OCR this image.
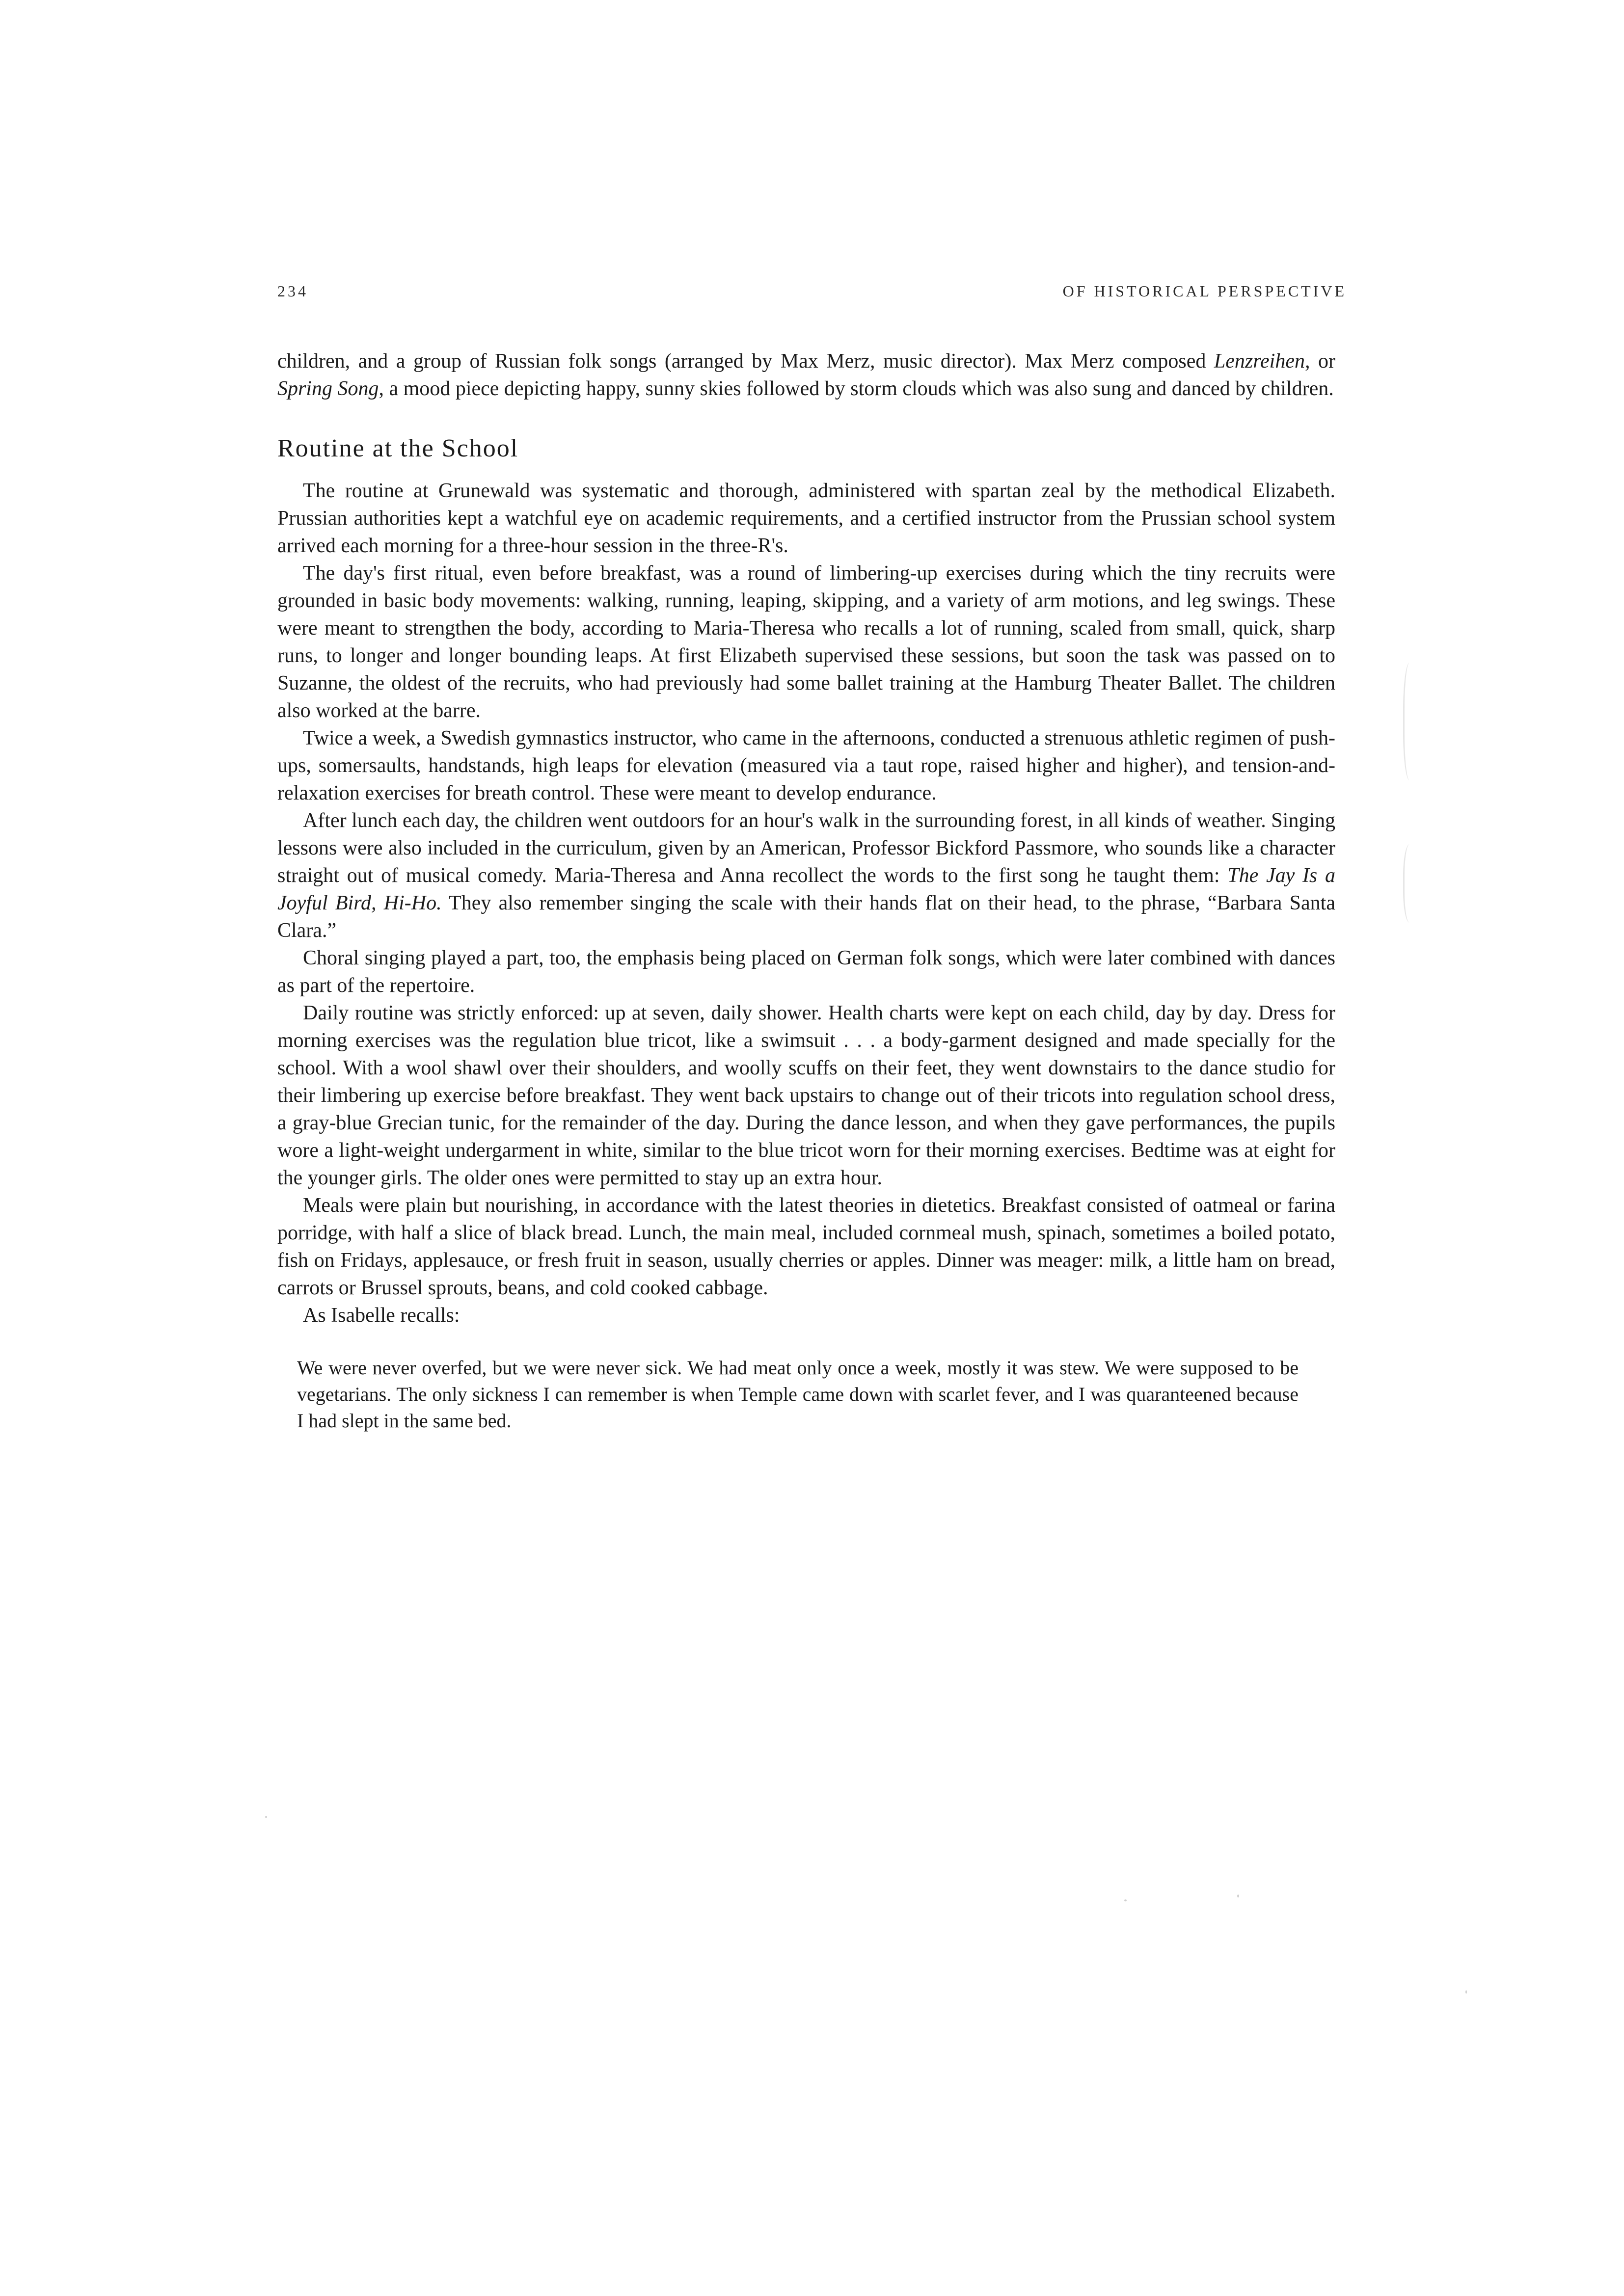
234	OF HISTORICAL PERSPECTIVE

children, and a group of Russian folk songs (arranged by Max Merz, music director). Max Merz composed Lenzreihen, or Spring Song, a mood piece depicting happy, sunny skies followed by storm clouds which was also sung and danced by children.

Routine at the School

The routine at Grunewald was systematic and thorough, administered with spartan zeal by the methodical Elizabeth. Prussian authorities kept a watchful eye on academic requirements, and a certified instructor from the Prussian school system arrived each morning for a three-hour session in the three-R's.

The day's first ritual, even before breakfast, was a round of limbering-up exercises during which the tiny recruits were grounded in basic body movements: walking, running, leaping, skipping, and a variety of arm motions, and leg swings. These were meant to strengthen the body, according to Maria-Theresa who recalls a lot of running, scaled from small, quick, sharp runs, to longer and longer bounding leaps. At first Elizabeth supervised these sessions, but soon the task was passed on to Suzanne, the oldest of the recruits, who had previously had some ballet training at the Hamburg Theater Ballet. The children also worked at the barre.

Twice a week, a Swedish gymnastics instructor, who came in the afternoons, conducted a strenuous athletic regimen of push-ups, somersaults, handstands, high leaps for elevation (measured via a taut rope, raised higher and higher), and tension-and-relaxation exercises for breath control. These were meant to develop endurance.

After lunch each day, the children went outdoors for an hour's walk in the surrounding forest, in all kinds of weather. Singing lessons were also included in the curriculum, given by an American, Professor Bickford Passmore, who sounds like a character straight out of musical comedy. Maria-Theresa and Anna recollect the words to the first song he taught them: The Jay Is a Joyful Bird, Hi-Ho. They also remember singing the scale with their hands flat on their head, to the phrase, “Barbara Santa Clara.”

Choral singing played a part, too, the emphasis being placed on German folk songs, which were later combined with dances as part of the repertoire.

Daily routine was strictly enforced: up at seven, daily shower. Health charts were kept on each child, day by day. Dress for morning exercises was the regulation blue tricot, like a swimsuit . . . a body-garment designed and made specially for the school. With a wool shawl over their shoulders, and woolly scuffs on their feet, they went downstairs to the dance studio for their limbering up exercise before breakfast. They went back upstairs to change out of their tricots into regulation school dress, a gray-blue Grecian tunic, for the remainder of the day. During the dance lesson, and when they gave performances, the pupils wore a light-weight undergarment in white, similar to the blue tricot worn for their morning exercises. Bedtime was at eight for the younger girls. The older ones were permitted to stay up an extra hour.

Meals were plain but nourishing, in accordance with the latest theories in dietetics. Breakfast consisted of oatmeal or farina porridge, with half a slice of black bread. Lunch, the main meal, included cornmeal mush, spinach, sometimes a boiled potato, fish on Fridays, applesauce, or fresh fruit in season, usually cherries or apples. Dinner was meager: milk, a little ham on bread, carrots or Brussel sprouts, beans, and cold cooked cabbage.

As Isabelle recalls:

We were never overfed, but we were never sick. We had meat only once a week, mostly it was stew. We were supposed to be vegetarians. The only sickness I can remember is when Temple came down with scarlet fever, and I was quaranteened because I had slept in the same bed.
